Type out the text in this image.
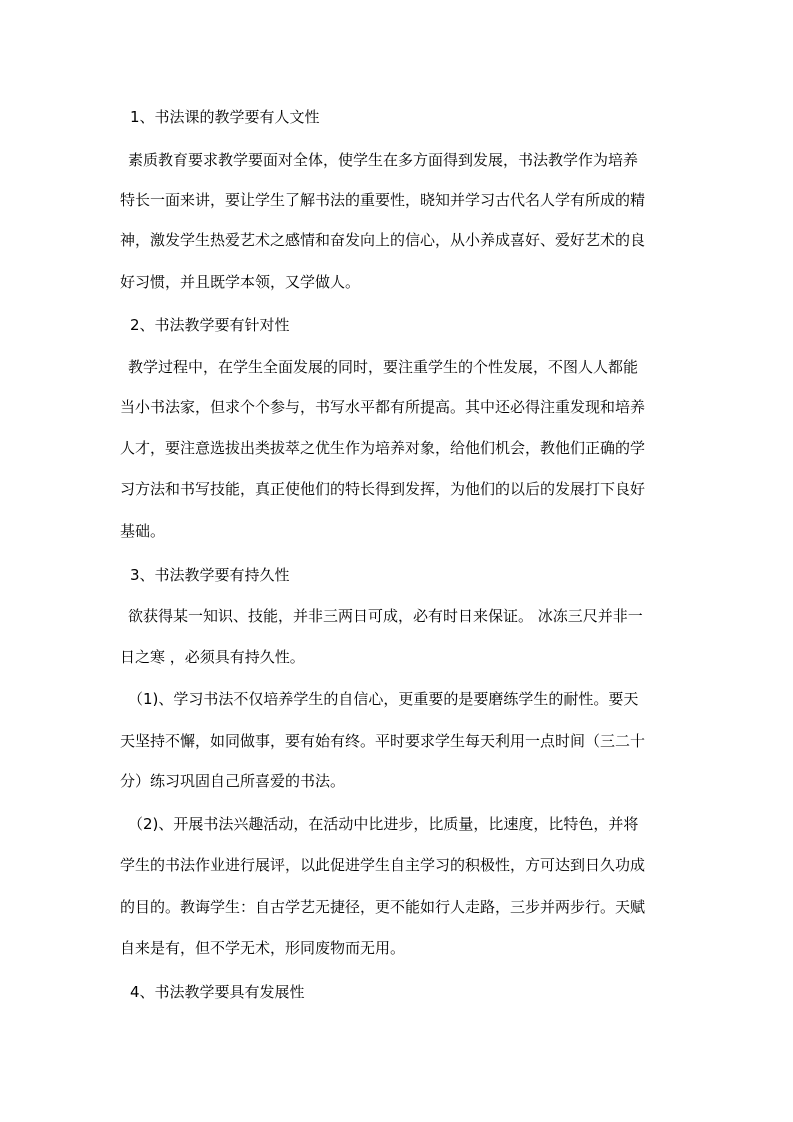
1、书法课的教学要有人文性
素质教育要求教学要面对全体，使学生在多方面得到发展，书法教学作为培养
特长一面来讲，要让学生了解书法的重要性，晓知并学习古代名人学有所成的精
神，激发学生热爱艺术之感情和奋发向上的信心，从小养成喜好、爱好艺术的良
好习惯，并且既学本领，又学做人。
2、书法教学要有针对性
教学过程中，在学生全面发展的同时，要注重学生的个性发展，不图人人都能
当小书法家，但求个个参与，书写水平都有所提高。其中还必得注重发现和培养
人才，要注意选拔出类拔萃之优生作为培养对象，给他们机会，教他们正确的学
习方法和书写技能，真正使他们的特长得到发挥，为他们的以后的发展打下良好
基础。
3、书法教学要有持久性
欲获得某一知识、技能，并非三两日可成，必有时日来保证。 冰冻三尺并非一
日之寒 ，必须具有持久性。
（1)、学习书法不仅培养学生的自信心，更重要的是要磨练学生的耐性。要天
天坚持不懈，如同做事，要有始有终。平时要求学生每天利用一点时间（三二十
分）练习巩固自己所喜爱的书法。
（2)、开展书法兴趣活动，在活动中比进步，比质量，比速度，比特色，并将
学生的书法作业进行展评，以此促进学生自主学习的积极性，方可达到日久功成
的目的。教诲学生：自古学艺无捷径，更不能如行人走路，三步并两步行。天赋
自来是有，但不学无术，形同废物而无用。
4、书法教学要具有发展性
